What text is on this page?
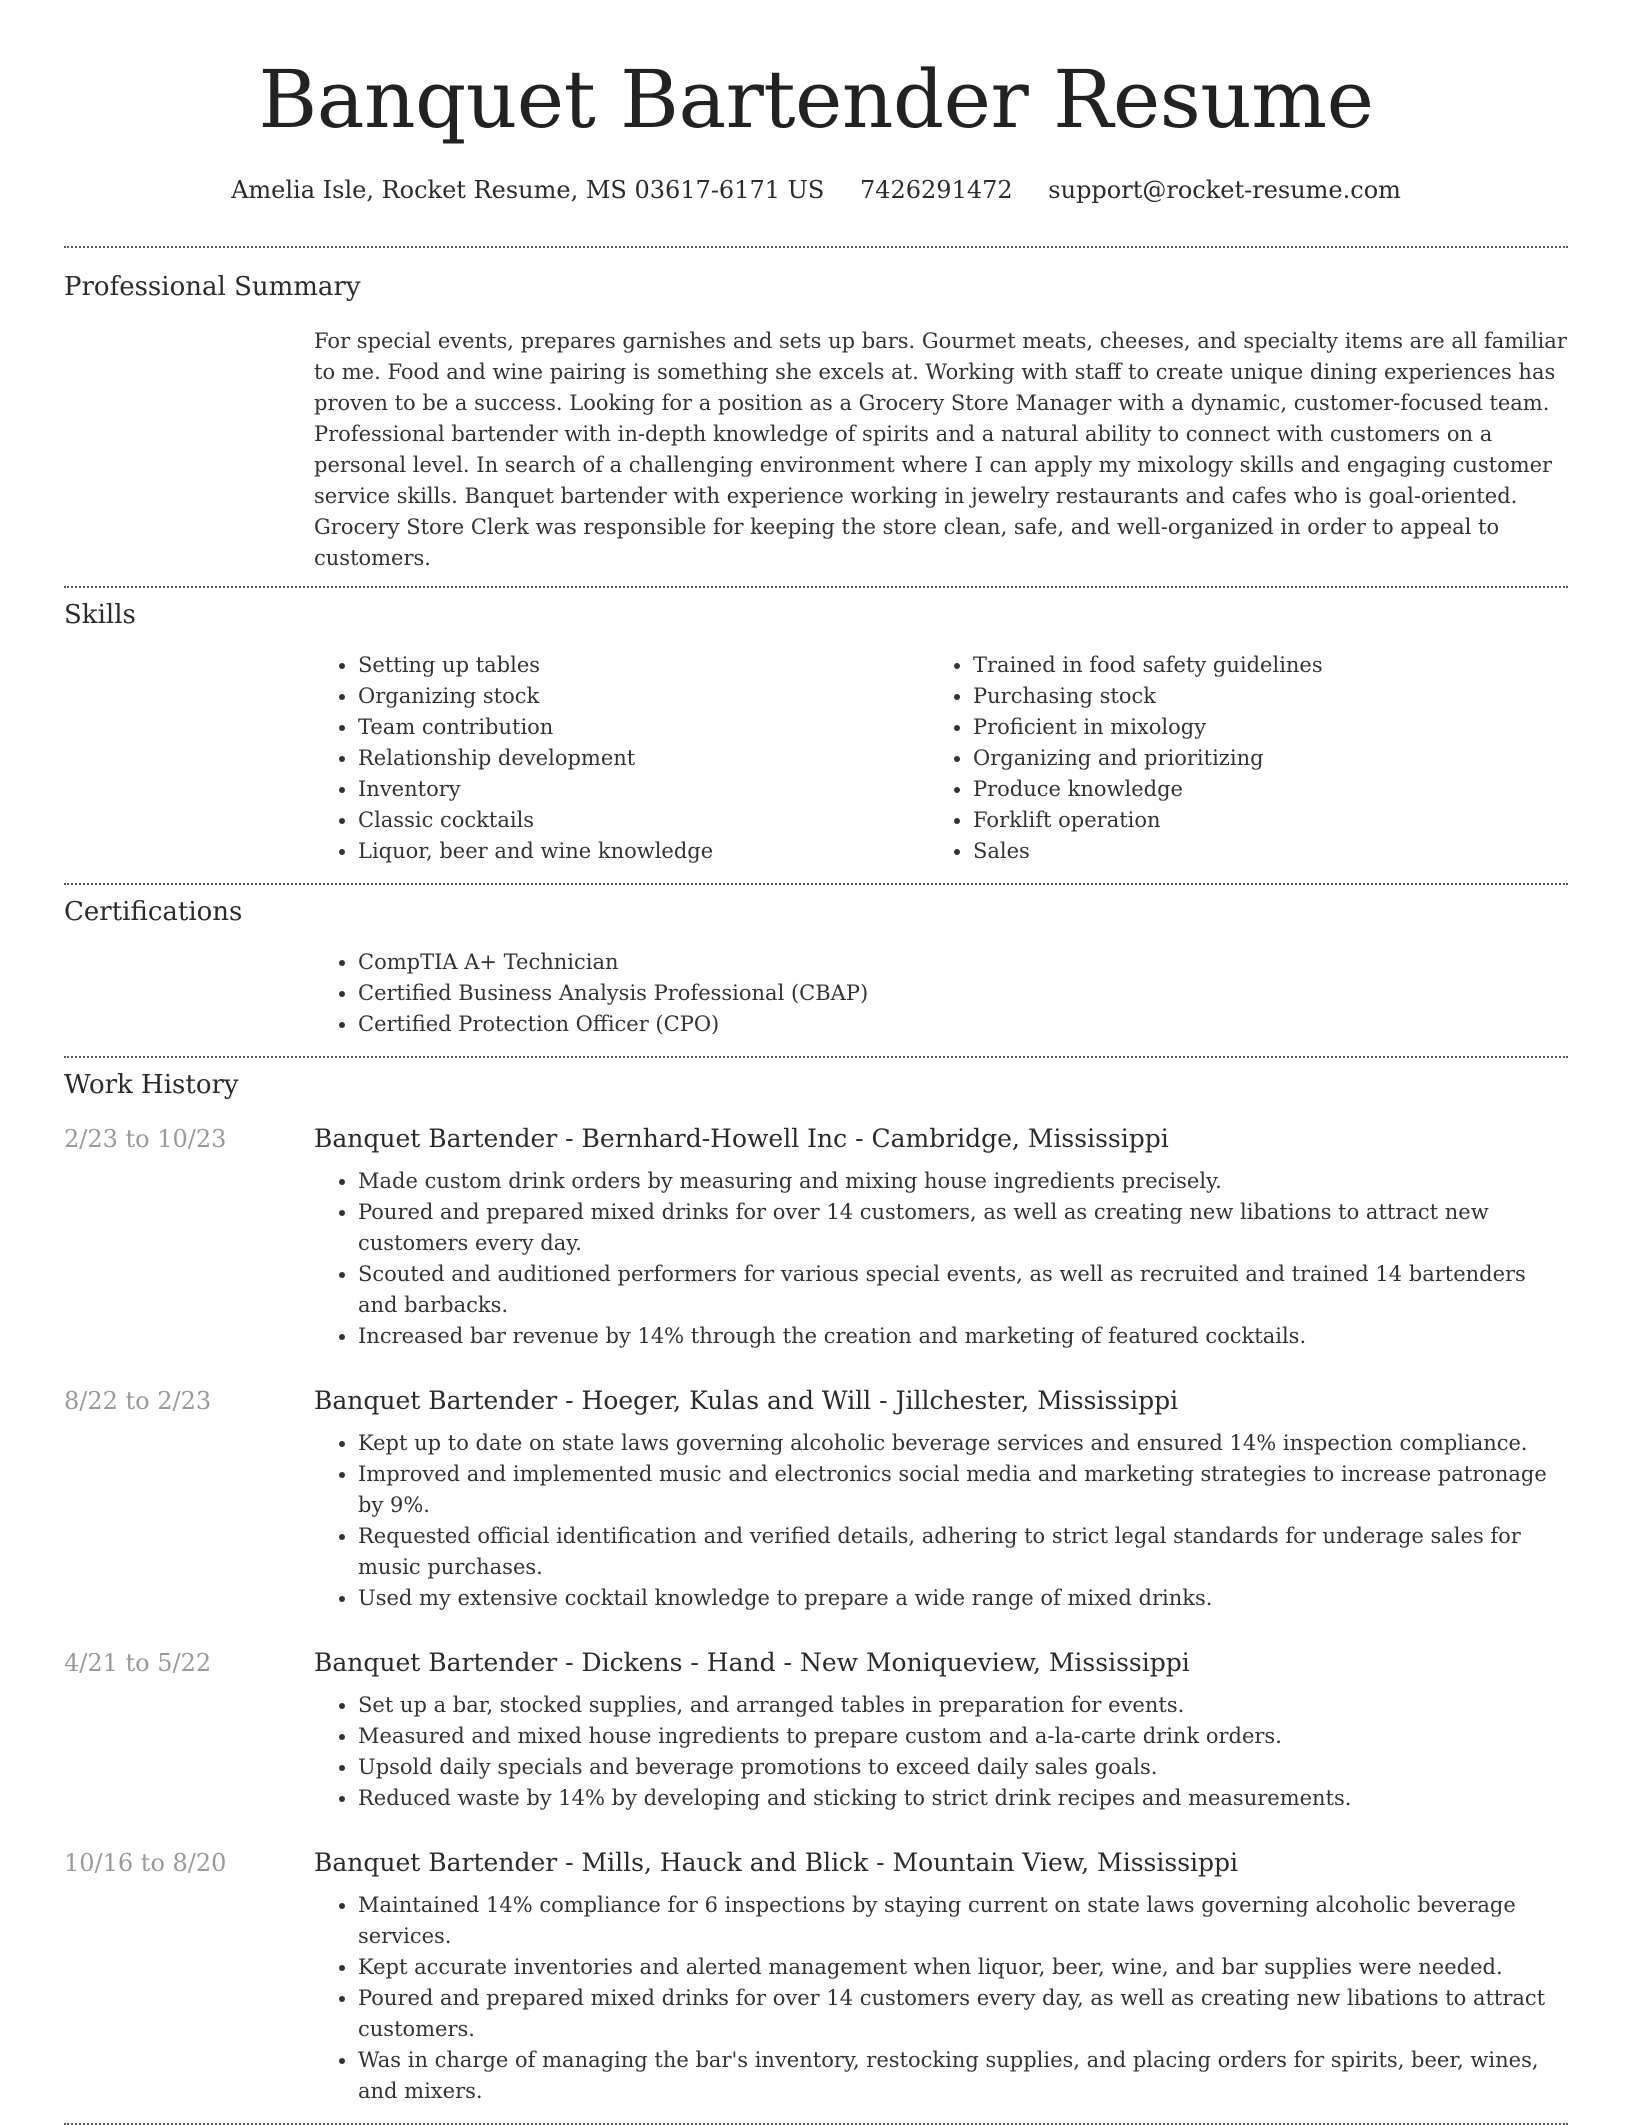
Banquet Bartender Resume
Amelia Isle, Rocket Resume, MS 03617-6171 US 7426291472 support@rocket-resume.com
Professional Summary

For special events, prepares garnishes and sets up bars. Gourmet meats, cheeses, and specialty items are all familiar to me. Food and wine pairing is something she excels at. Working with staff to create unique dining experiences has proven to be a success. Looking for a position as a Grocery Store Manager with a dynamic, customer-focused team. Professional bartender with in-depth knowledge of spirits and a natural ability to connect with customers on a personal level. In search of a challenging environment where I can apply my mixology skills and engaging customer service skills. Banquet bartender with experience working in jewelry restaurants and cafes who is goal-oriented. Grocery Store Clerk was responsible for keeping the store clean, safe, and well-organized in order to appeal to customers.

Skills
• Setting up tables
• Organizing stock
• Team contribution
• Relationship development
• Inventory
• Classic cocktails
• Liquor, beer and wine knowledge
• Trained in food safety guidelines
• Purchasing stock
• Proficient in mixology
• Organizing and prioritizing
• Produce knowledge
• Forklift operation
• Sales
Certifications
• CompTIA A+ Technician
• Certified Business Analysis Professional (CBAP)
• Certified Protection Officer (CPO)
Work History
2/23 to 10/23	Banquet Bartender - Bernhard-Howell Inc - Cambridge, Mississippi
• Made custom drink orders by measuring and mixing house ingredients precisely.
• Poured and prepared mixed drinks for over 14 customers, as well as creating new libations to attract new customers every day.
• Scouted and auditioned performers for various special events, as well as recruited and trained 14 bartenders and barbacks.
• Increased bar revenue by 14% through the creation and marketing of featured cocktails.
8/22 to 2/23	Banquet Bartender - Hoeger, Kulas and Will - Jillchester, Mississippi
• Kept up to date on state laws governing alcoholic beverage services and ensured 14% inspection compliance.
• Improved and implemented music and electronics social media and marketing strategies to increase patronage by 9%.
• Requested official identification and verified details, adhering to strict legal standards for underage sales for music purchases.
• Used my extensive cocktail knowledge to prepare a wide range of mixed drinks.
4/21 to 5/22	Banquet Bartender - Dickens - Hand - New Moniqueview, Mississippi
• Set up a bar, stocked supplies, and arranged tables in preparation for events.
• Measured and mixed house ingredients to prepare custom and a-la-carte drink orders.
• Upsold daily specials and beverage promotions to exceed daily sales goals.
• Reduced waste by 14% by developing and sticking to strict drink recipes and measurements.
10/16 to 8/20	Banquet Bartender - Mills, Hauck and Blick - Mountain View, Mississippi
• Maintained 14% compliance for 6 inspections by staying current on state laws governing alcoholic beverage services.
• Kept accurate inventories and alerted management when liquor, beer, wine, and bar supplies were needed.
• Poured and prepared mixed drinks for over 14 customers every day, as well as creating new libations to attract customers.
• Was in charge of managing the bar's inventory, restocking supplies, and placing orders for spirits, beer, wines, and mixers.
